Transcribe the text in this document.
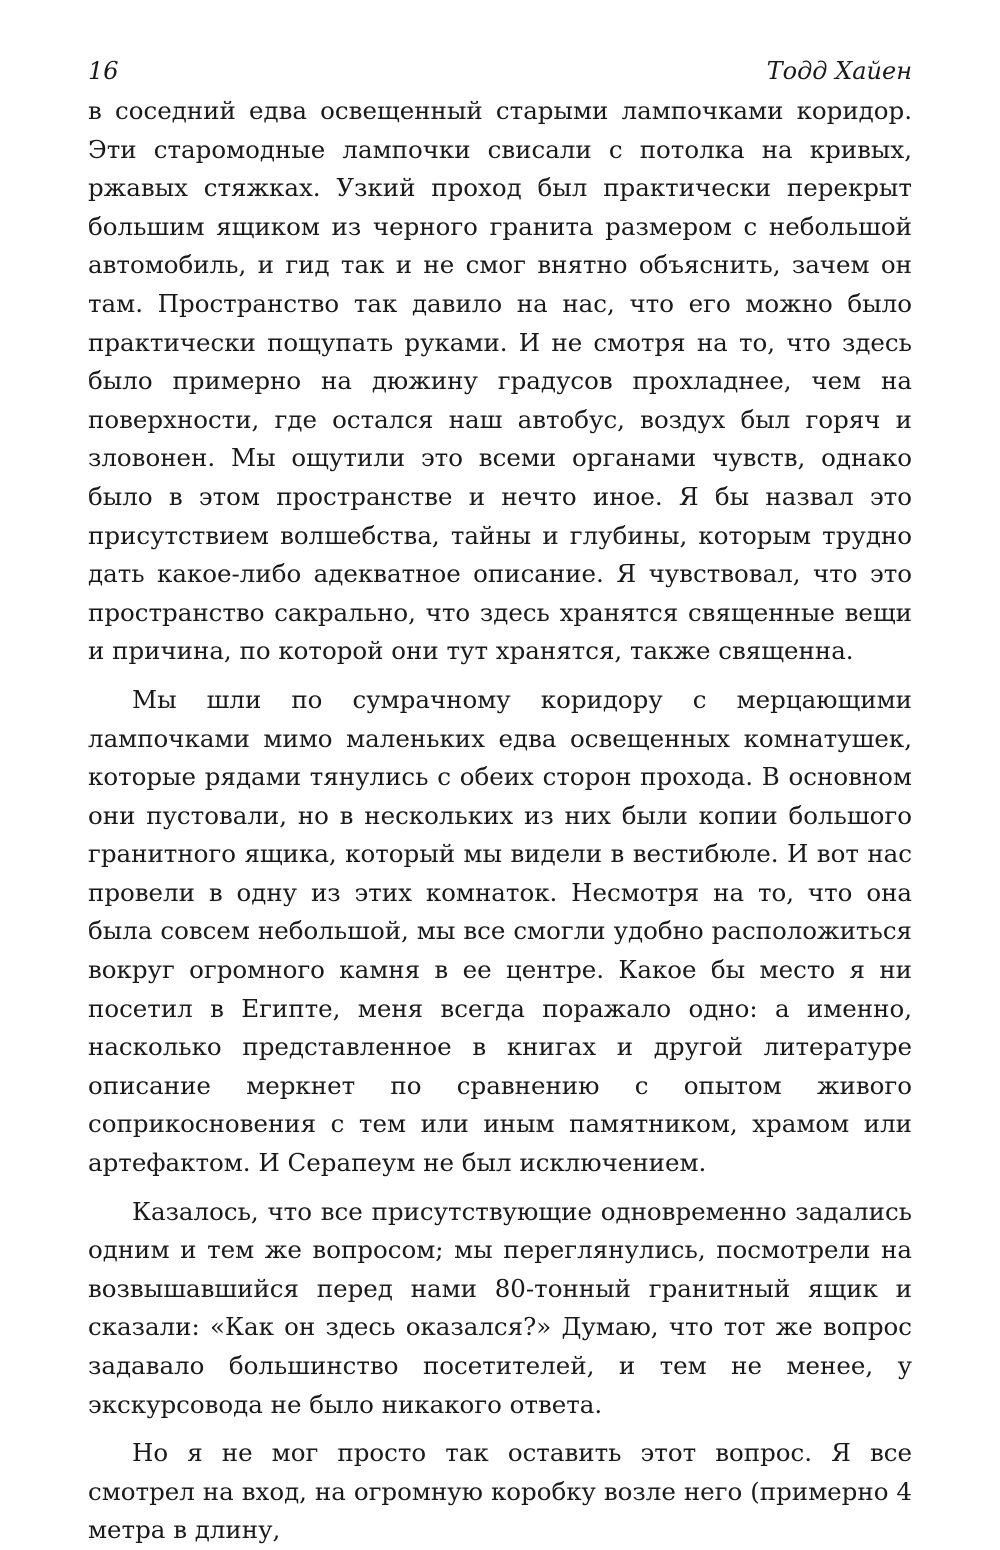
16	Тодд Хайен

в соседний едва освещенный старыми лампочками коридор. Эти старомодные лампочки свисали с потолка на кривых, ржавых стяжках. Узкий проход был практически перекрыт большим ящиком из черного гранита размером с небольшой автомобиль, и гид так и не смог внятно объяснить, зачем он там. Пространство так давило на нас, что его можно было практически пощупать руками. И не смотря на то, что здесь было примерно на дюжину градусов прохладнее, чем на поверхности, где остался наш автобус, воздух был горяч и зловонен. Мы ощутили это всеми органами чувств, однако было в этом пространстве и нечто иное. Я бы назвал это присутствием волшебства, тайны и глубины, которым трудно дать какое-либо адекватное описание. Я чувствовал, что это пространство сакрально, что здесь хранятся священные вещи и причина, по которой они тут хранятся, также священна.

Мы шли по сумрачному коридору с мерцающими лампочками мимо маленьких едва освещенных комнатушек, которые рядами тянулись с обеих сторон прохода. В основном они пустовали, но в нескольких из них были копии большого гранитного ящика, который мы видели в вестибюле. И вот нас провели в одну из этих комнаток. Несмотря на то, что она была совсем небольшой, мы все смогли удобно расположиться вокруг огромного камня в ее центре. Какое бы место я ни посетил в Египте, меня всегда поражало одно: а именно, насколько представленное в книгах и другой литературе описание меркнет по сравнению с опытом живого соприкосновения с тем или иным памятником, храмом или артефактом. И Серапеум не был исключением.

Казалось, что все присутствующие одновременно задались одним и тем же вопросом; мы переглянулись, посмотрели на возвышавшийся перед нами 80-тонный гранитный ящик и сказали: «Как он здесь оказался?» Думаю, что тот же вопрос задавало большинство посетителей, и тем не менее, у экскурсовода не было никакого ответа.

Но я не мог просто так оставить этот вопрос. Я все смотрел на вход, на огромную коробку возле него (примерно 4 метра в длину,
